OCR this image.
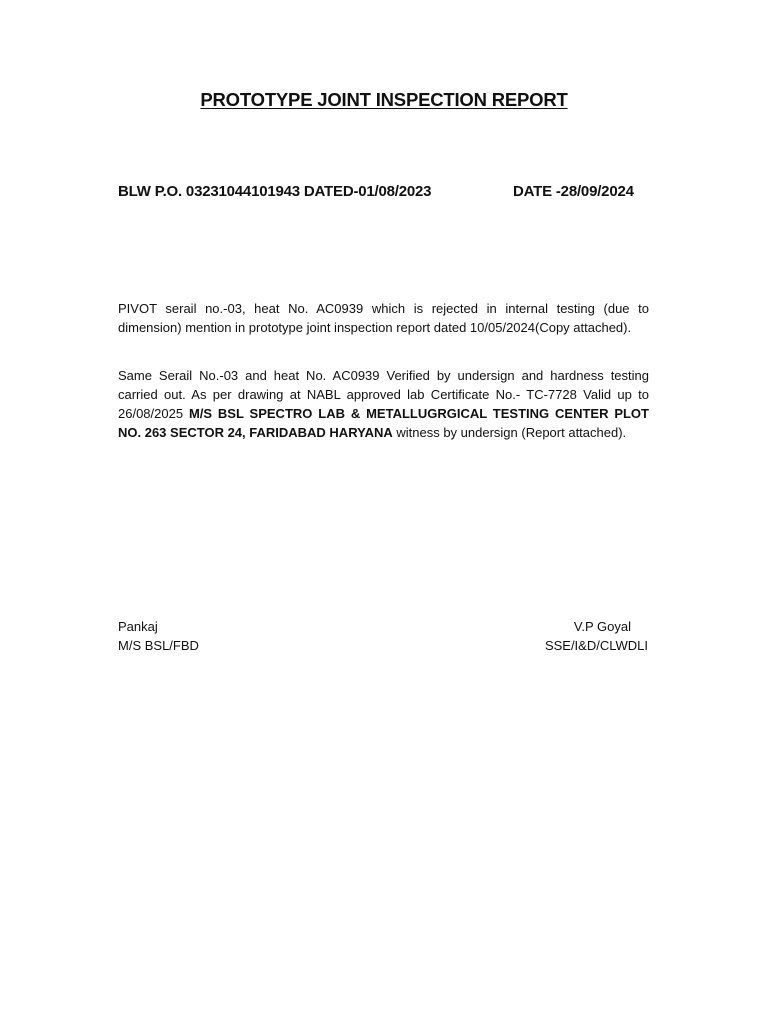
PROTOTYPE JOINT INSPECTION REPORT
BLW P.O. 03231044101943 DATED-01/08/2023	DATE -28/09/2024

PIVOT serail no.-03, heat No. AC0939 which is rejected in internal testing (due to dimension) mention in prototype joint inspection report dated 10/05/2024(Copy attached).

Same Serail No.-03 and heat No. AC0939 Verified by undersign and hardness testing carried out. As per drawing at NABL approved lab Certificate No.- TC-7728 Valid up to 26/08/2025 M/S BSL SPECTRO LAB & METALLUGRGICAL TESTING CENTER PLOT NO. 263 SECTOR 24, FARIDABAD HARYANA witness by undersign (Report attached).

Pankaj
M/S BSL/FBD
V.P Goyal
SSE/I&D/CLWDLI
